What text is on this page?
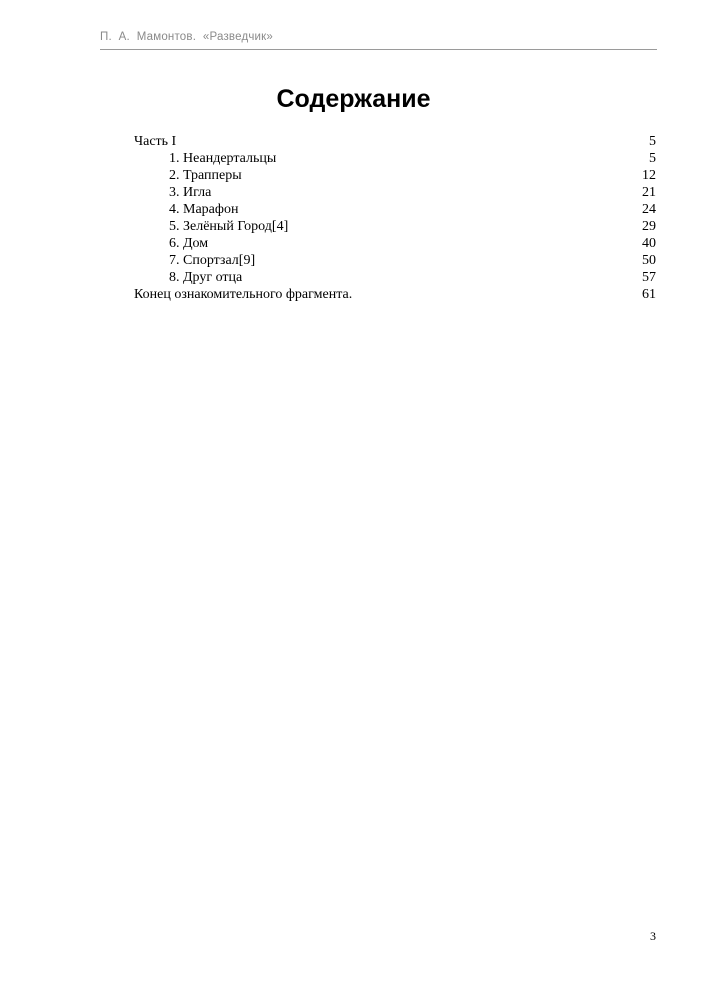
П.  А.  Мамонтов.  «Разведчик»
Содержание
Часть I	5
1. Неандертальцы	5
2. Трапперы	12
3. Игла	21
4. Марафон	24
5. Зелёный Город[4]	29
6. Дом	40
7. Спортзал[9]	50
8. Друг отца	57
Конец ознакомительного фрагмента.	61
3
